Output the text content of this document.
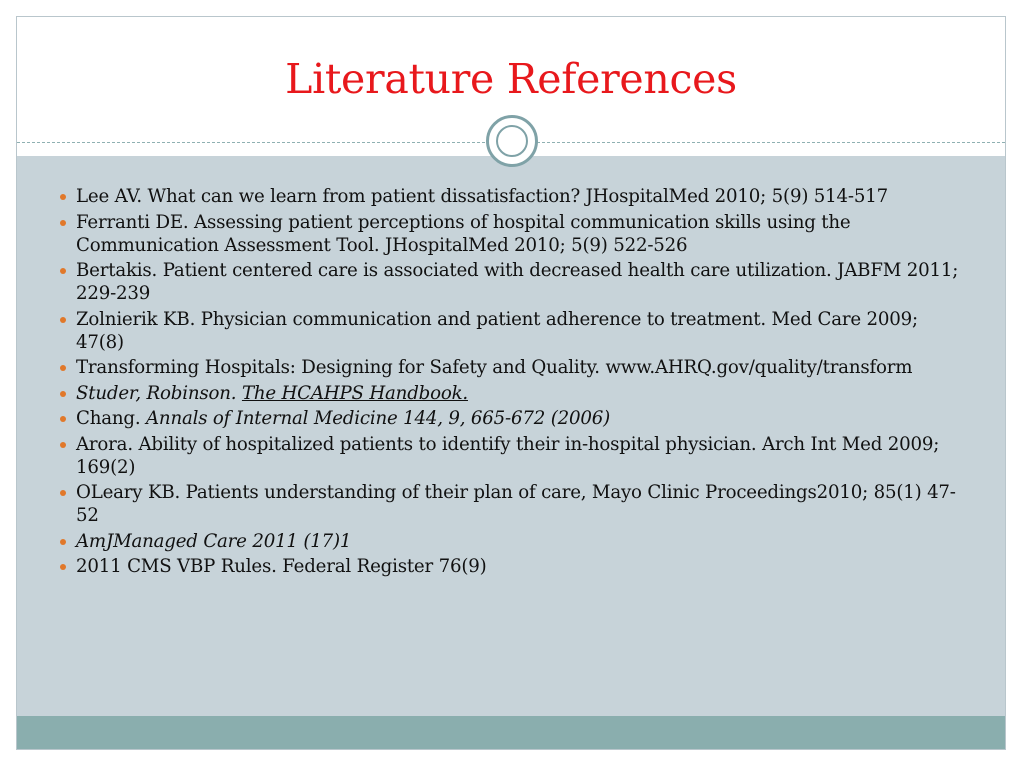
Literature References
Lee AV. What can we learn from patient dissatisfaction? JHospitalMed 2010; 5(9) 514-517
Ferranti DE. Assessing patient perceptions of hospital communication skills using the Communication Assessment Tool. JHospitalMed 2010; 5(9) 522-526
Bertakis. Patient centered care is associated with decreased health care utilization. JABFM 2011; 229-239
Zolnierik KB. Physician communication and patient adherence to treatment. Med Care 2009; 47(8)
Transforming Hospitals: Designing for Safety and Quality. www.AHRQ.gov/quality/transform
Studer, Robinson. The HCAHPS Handbook.
Chang. Annals of Internal Medicine 144, 9, 665-672 (2006)
Arora. Ability of hospitalized patients to identify their in-hospital physician. Arch Int Med 2009; 169(2)
OLeary KB. Patients understanding of their plan of care, Mayo Clinic Proceedings2010; 85(1) 47-52
AmJManaged Care 2011 (17)1
2011 CMS VBP Rules. Federal Register 76(9)
